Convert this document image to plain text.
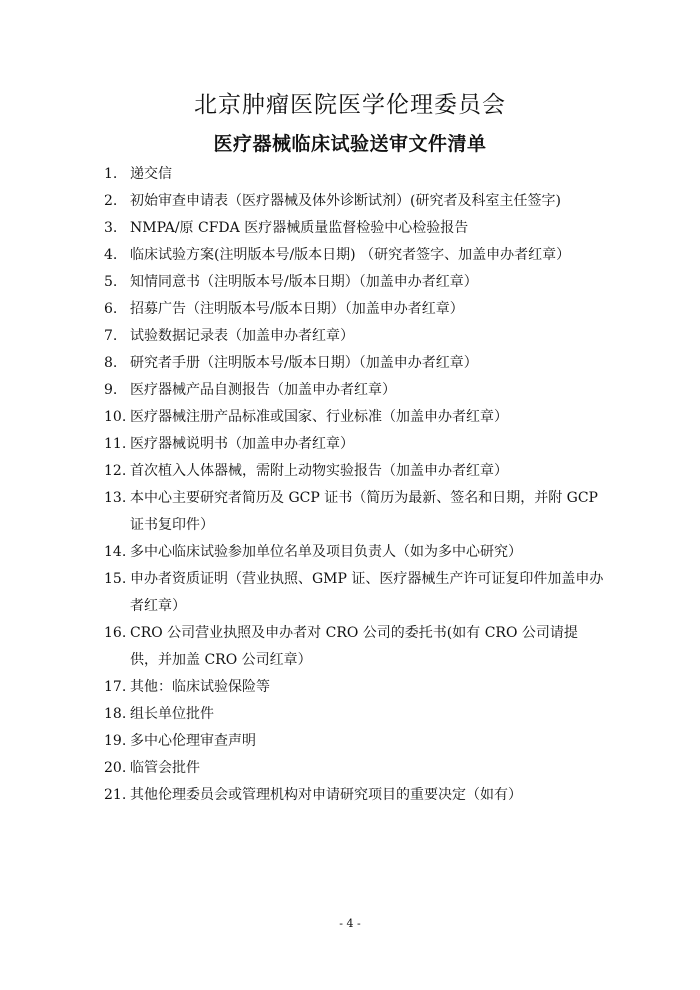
北京肿瘤医院医学伦理委员会
医疗器械临床试验送审文件清单
1. 递交信
2. 初始审查申请表（医疗器械及体外诊断试剂）(研究者及科室主任签字)
3. NMPA/原 CFDA 医疗器械质量监督检验中心检验报告
4. 临床试验方案(注明版本号/版本日期) （研究者签字、加盖申办者红章）
5. 知情同意书（注明版本号/版本日期）（加盖申办者红章）
6. 招募广告（注明版本号/版本日期）（加盖申办者红章）
7. 试验数据记录表（加盖申办者红章）
8. 研究者手册（注明版本号/版本日期）（加盖申办者红章）
9. 医疗器械产品自测报告（加盖申办者红章）
10. 医疗器械注册产品标准或国家、行业标准（加盖申办者红章）
11. 医疗器械说明书（加盖申办者红章）
12. 首次植入人体器械，需附上动物实验报告（加盖申办者红章）
13. 本中心主要研究者简历及 GCP 证书（简历为最新、签名和日期，并附 GCP 证书复印件）
14. 多中心临床试验参加单位名单及项目负责人（如为多中心研究）
15. 申办者资质证明（营业执照、GMP 证、医疗器械生产许可证复印件加盖申办者红章）
16. CRO 公司营业执照及申办者对 CRO 公司的委托书(如有 CRO 公司请提供，并加盖 CRO 公司红章）
17. 其他：临床试验保险等
18. 组长单位批件
19. 多中心伦理审查声明
20. 临管会批件
21. 其他伦理委员会或管理机构对申请研究项目的重要决定（如有）
- 4 -
